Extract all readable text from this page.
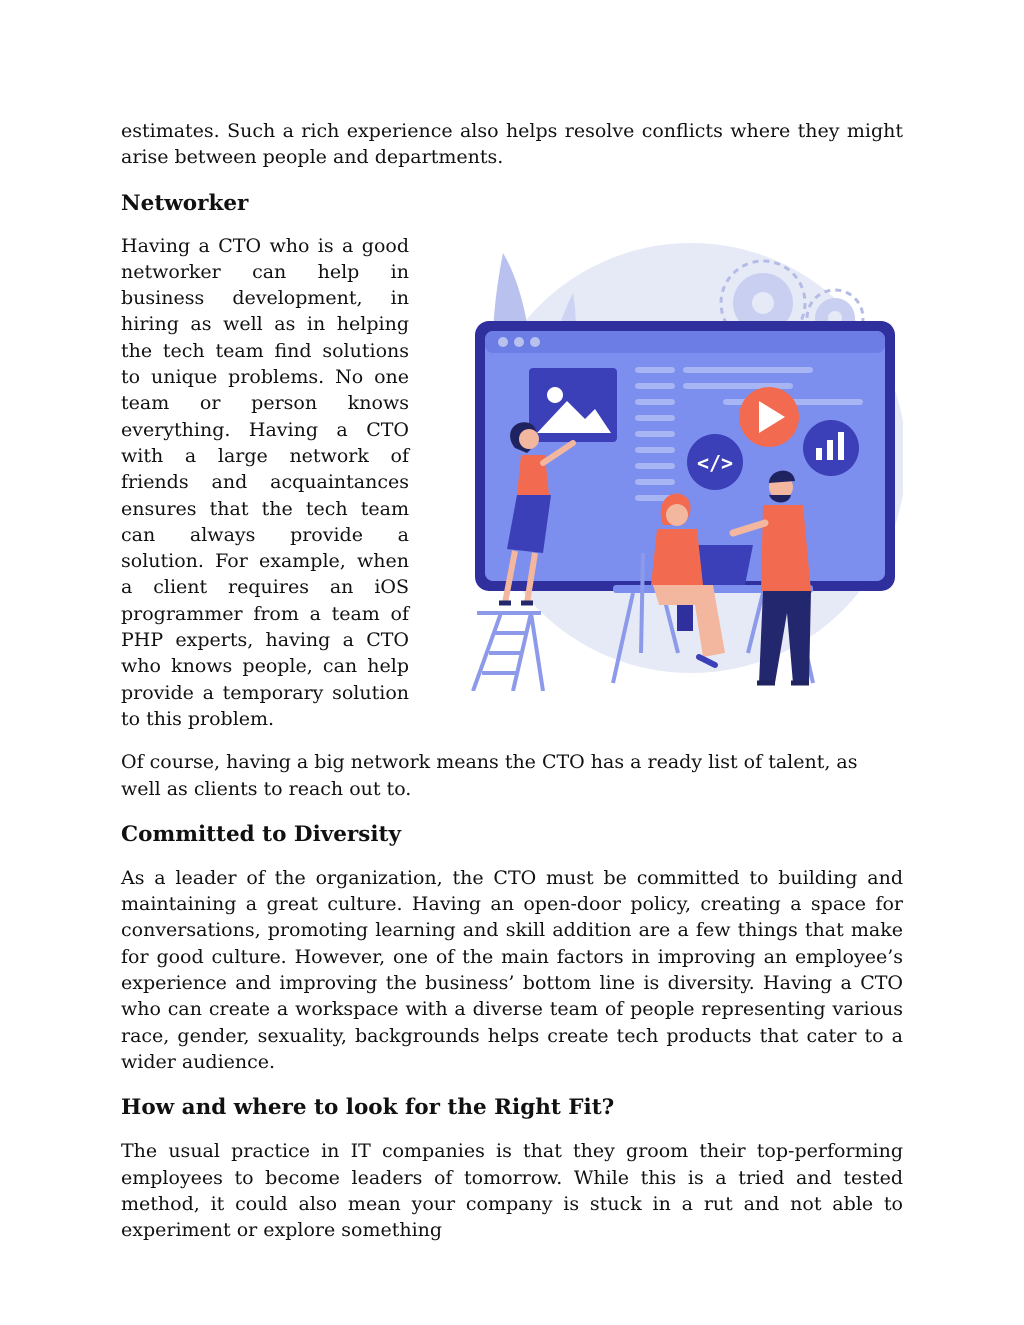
estimates. Such a rich experience also helps resolve conflicts where they might arise between people and departments.

Networker
</>

Having a CTO who is a good networker can help in business development, in hiring as well as in helping the tech team find solutions to unique problems. No one team or person knows everything. Having a CTO with a large network of friends and acquaintances ensures that the tech team can always provide a solution. For example, when a client requires an iOS programmer from a team of PHP experts, having a CTO who knows people, can help provide a temporary solution to this problem.

Of course, having a big network means the CTO has a ready list of talent, as well as clients to reach out to.

Committed to Diversity

As a leader of the organization, the CTO must be committed to building and maintaining a great culture. Having an open-door policy, creating a space for conversations, promoting learning and skill addition are a few things that make for good culture. However, one of the main factors in improving an employee’s experience and improving the business’ bottom line is diversity. Having a CTO who can create a workspace with a diverse team of people representing various race, gender, sexuality, backgrounds helps create tech products that cater to a wider audience.

How and where to look for the Right Fit?

The usual practice in IT companies is that they groom their top-performing employees to become leaders of tomorrow. While this is a tried and tested method, it could also mean your company is stuck in a rut and not able to experiment or explore something
